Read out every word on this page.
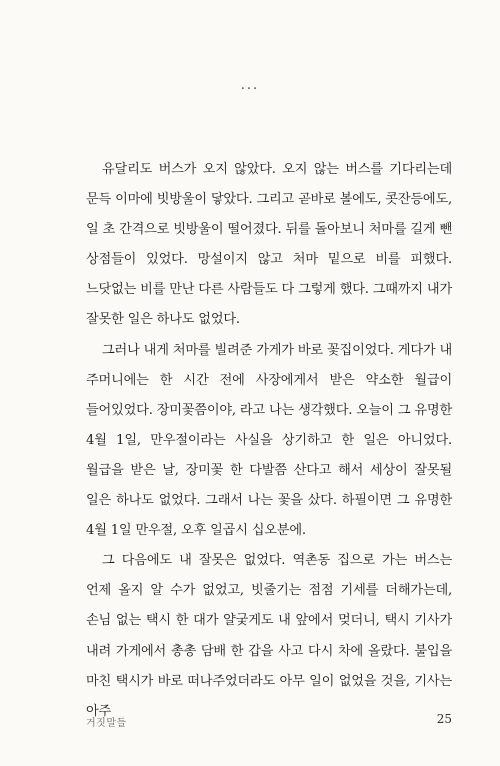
...

유달리도 버스가 오지 않았다. 오지 않는 버스를 기다리는데 문득 이마에 빗방울이 닿았다. 그리고 곧바로 볼에도, 콧잔등에도, 일 초 간격으로 빗방울이 떨어졌다. 뒤를 돌아보니 처마를 길게 뺀 상점들이 있었다. 망설이지 않고 처마 밑으로 비를 피했다. 느닷없는 비를 만난 다른 사람들도 다 그렇게 했다. 그때까지 내가 잘못한 일은 하나도 없었다.

그러나 내게 처마를 빌려준 가게가 바로 꽃집이었다. 게다가 내 주머니에는 한 시간 전에 사장에게서 받은 약소한 월급이 들어있었다. 장미꽃쯤이야, 라고 나는 생각했다. 오늘이 그 유명한 4월 1일, 만우절이라는 사실을 상기하고 한 일은 아니었다. 월급을 받은 날, 장미꽃 한 다발쯤 산다고 해서 세상이 잘못될 일은 하나도 없었다. 그래서 나는 꽃을 샀다. 하필이면 그 유명한 4월 1일 만우절, 오후 일곱시 십오분에.

그 다음에도 내 잘못은 없었다. 역촌동 집으로 가는 버스는 언제 올지 알 수가 없었고, 빗줄기는 점점 기세를 더해가는데, 손님 없는 택시 한 대가 얄궂게도 내 앞에서 멎더니, 택시 기사가 내려 가게에서 총총 담배 한 갑을 사고 다시 차에 올랐다. 불입을 마친 택시가 바로 떠나주었더라도 아무 일이 없었을 것을, 기사는 아주

거짓말들	25
